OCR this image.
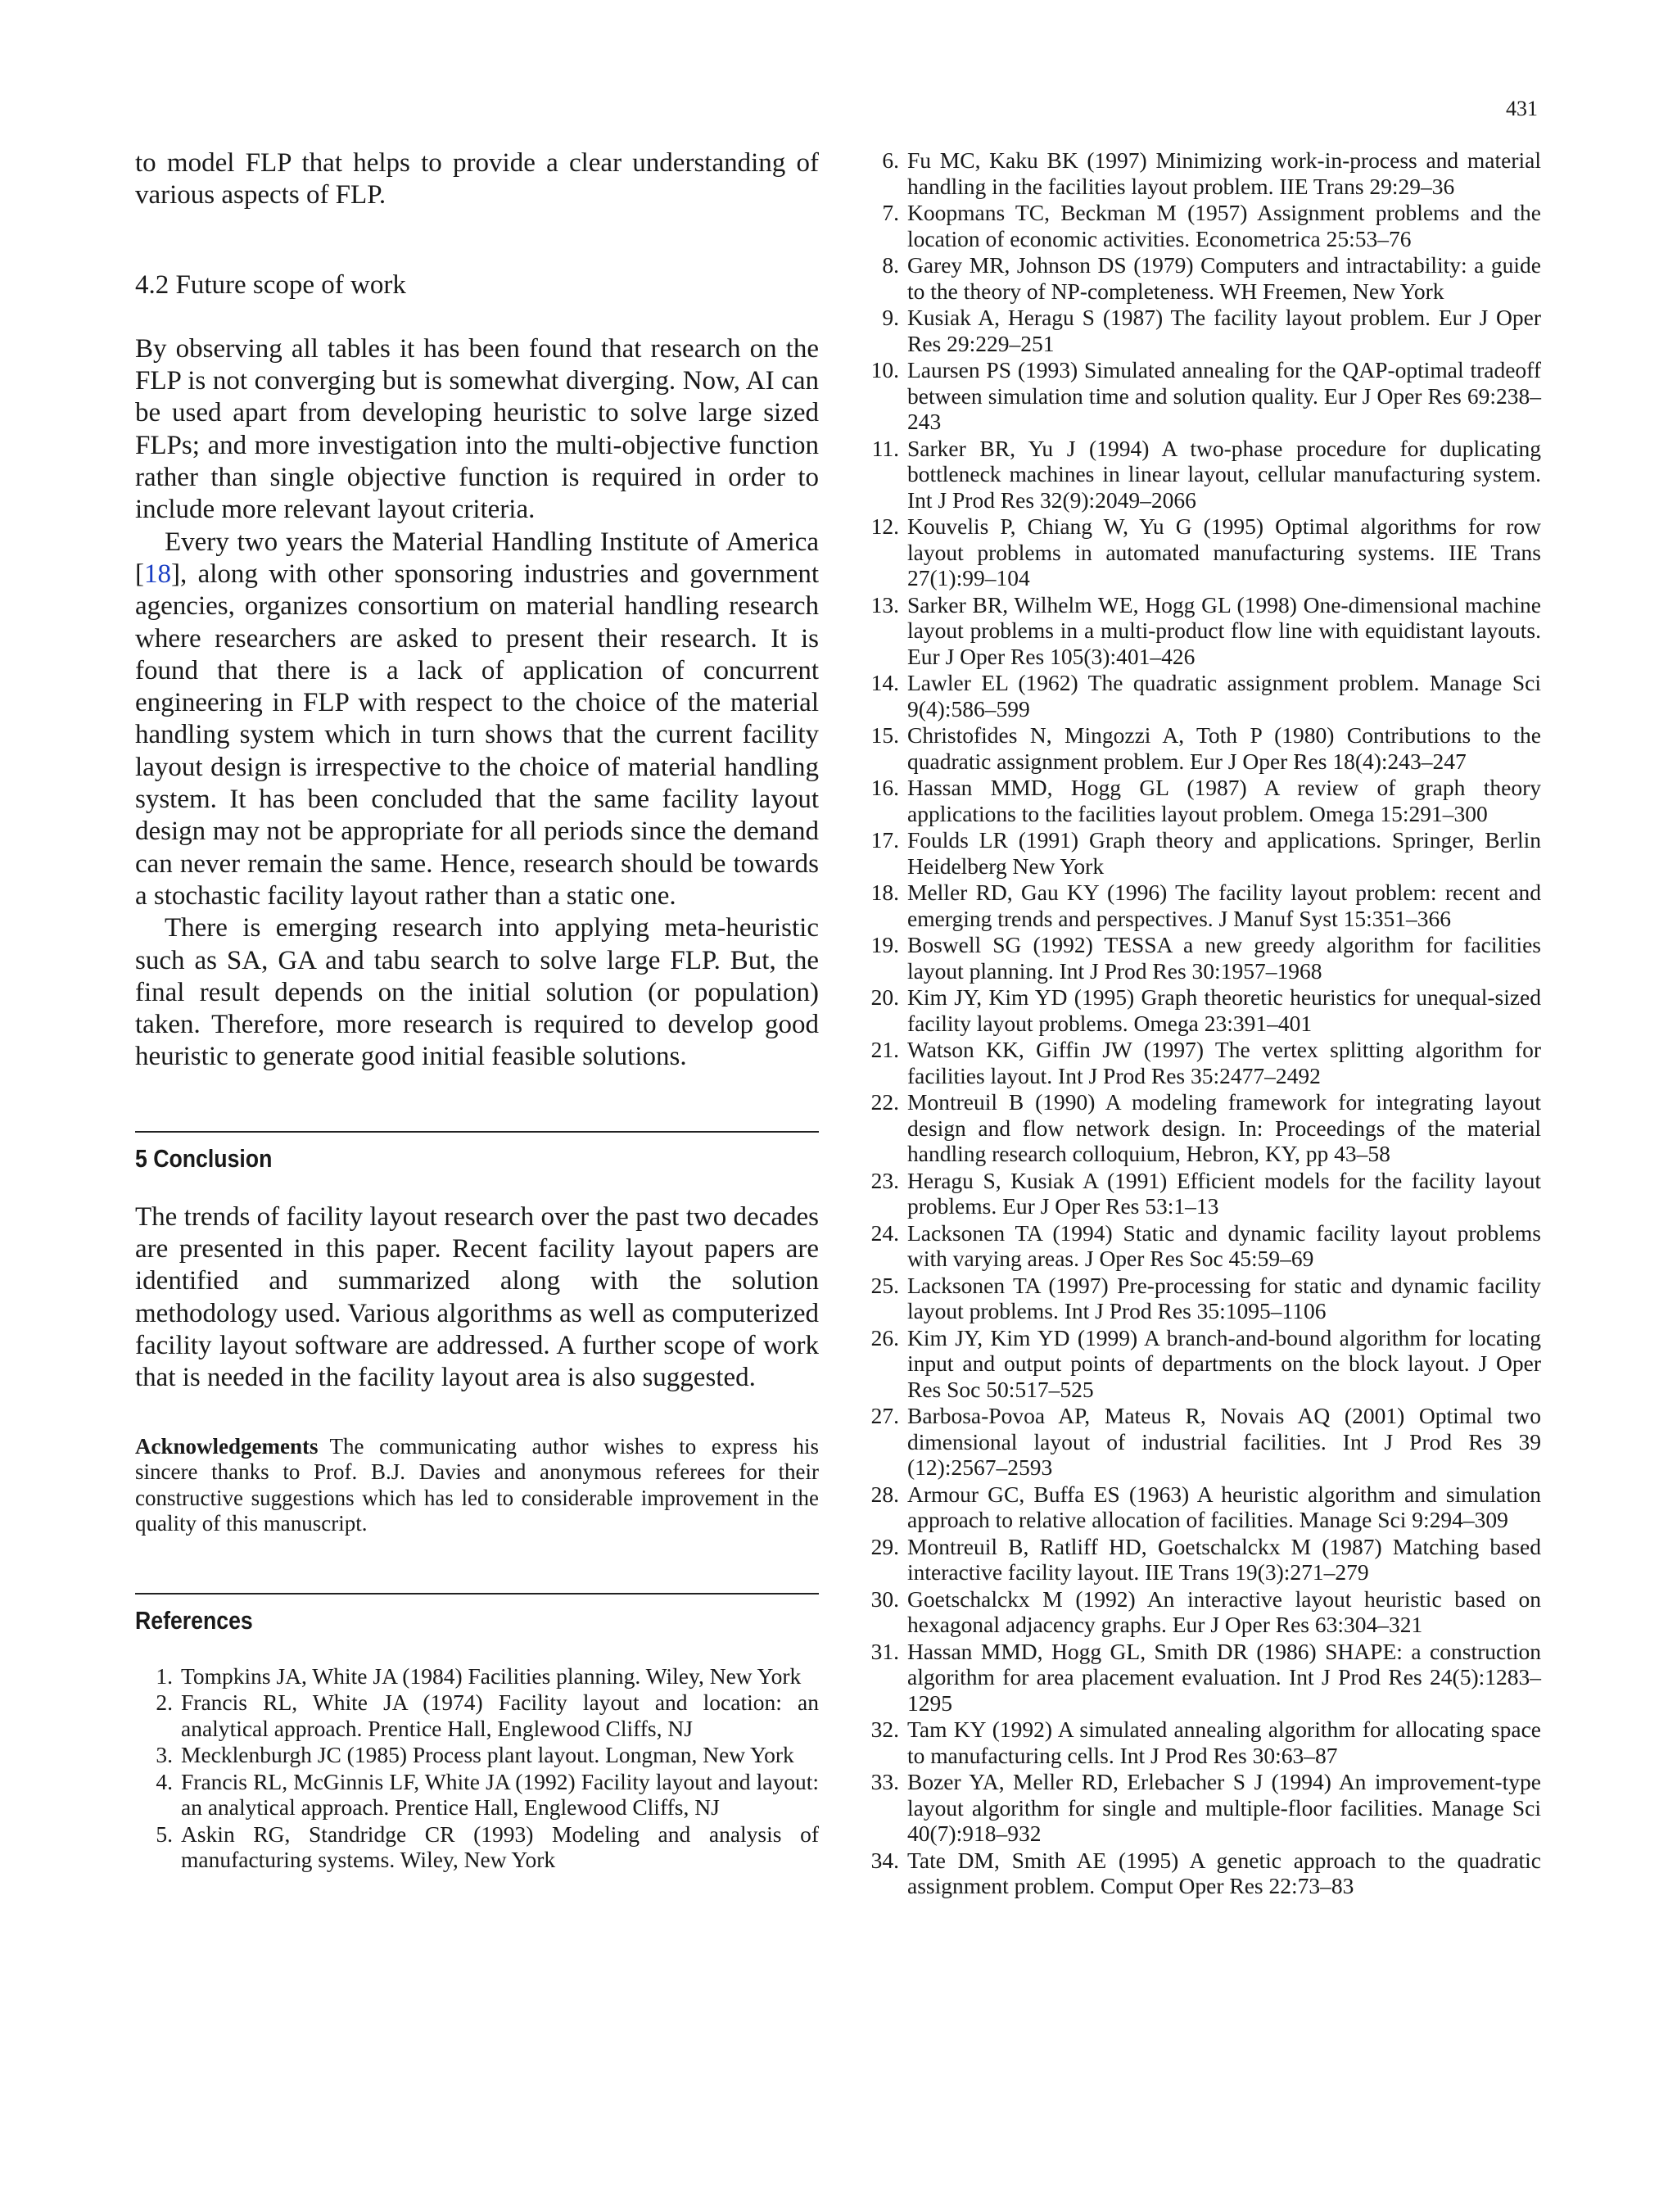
431

to model FLP that helps to provide a clear understanding of various aspects of FLP.

4.2 Future scope of work

By observing all tables it has been found that research on the FLP is not converging but is somewhat diverging. Now, AI can be used apart from developing heuristic to solve large sized FLPs; and more investigation into the multi-objective function rather than single objective function is required in order to include more relevant layout criteria.

Every two years the Material Handling Institute of America [18], along with other sponsoring industries and government agencies, organizes consortium on material handling research where researchers are asked to present their research. It is found that there is a lack of application of concurrent engineering in FLP with respect to the choice of the material handling system which in turn shows that the current facility layout design is irrespective to the choice of material handling system. It has been concluded that the same facility layout design may not be appropriate for all periods since the demand can never remain the same. Hence, research should be towards a stochastic facility layout rather than a static one.

There is emerging research into applying meta-heuristic such as SA, GA and tabu search to solve large FLP. But, the final result depends on the initial solution (or population) taken. Therefore, more research is required to develop good heuristic to generate good initial feasible solutions.

5 Conclusion

The trends of facility layout research over the past two decades are presented in this paper. Recent facility layout papers are identified and summarized along with the solution methodology used. Various algorithms as well as computerized facility layout software are addressed. A further scope of work that is needed in the facility layout area is also suggested.

Acknowledgements The communicating author wishes to express his sincere thanks to Prof. B.J. Davies and anonymous referees for their constructive suggestions which has led to considerable improvement in the quality of this manuscript.

References
1. Tompkins JA, White JA (1984) Facilities planning. Wiley, New York
2. Francis RL, White JA (1974) Facility layout and location: an analytical approach. Prentice Hall, Englewood Cliffs, NJ
3. Mecklenburgh JC (1985) Process plant layout. Longman, New York
4. Francis RL, McGinnis LF, White JA (1992) Facility layout and layout: an analytical approach. Prentice Hall, Englewood Cliffs, NJ
5. Askin RG, Standridge CR (1993) Modeling and analysis of manufacturing systems. Wiley, New York
6. Fu MC, Kaku BK (1997) Minimizing work-in-process and material handling in the facilities layout problem. IIE Trans 29:29–36
7. Koopmans TC, Beckman M (1957) Assignment problems and the location of economic activities. Econometrica 25:53–76
8. Garey MR, Johnson DS (1979) Computers and intractability: a guide to the theory of NP-completeness. WH Freemen, New York
9. Kusiak A, Heragu S (1987) The facility layout problem. Eur J Oper Res 29:229–251
10. Laursen PS (1993) Simulated annealing for the QAP-optimal tradeoff between simulation time and solution quality. Eur J Oper Res 69:238–243
11. Sarker BR, Yu J (1994) A two-phase procedure for duplicating bottleneck machines in linear layout, cellular manufacturing system. Int J Prod Res 32(9):2049–2066
12. Kouvelis P, Chiang W, Yu G (1995) Optimal algorithms for row layout problems in automated manufacturing systems. IIE Trans 27(1):99–104
13. Sarker BR, Wilhelm WE, Hogg GL (1998) One-dimensional machine layout problems in a multi-product flow line with equidistant layouts. Eur J Oper Res 105(3):401–426
14. Lawler EL (1962) The quadratic assignment problem. Manage Sci 9(4):586–599
15. Christofides N, Mingozzi A, Toth P (1980) Contributions to the quadratic assignment problem. Eur J Oper Res 18(4):243–247
16. Hassan MMD, Hogg GL (1987) A review of graph theory applications to the facilities layout problem. Omega 15:291–300
17. Foulds LR (1991) Graph theory and applications. Springer, Berlin Heidelberg New York
18. Meller RD, Gau KY (1996) The facility layout problem: recent and emerging trends and perspectives. J Manuf Syst 15:351–366
19. Boswell SG (1992) TESSA a new greedy algorithm for facilities layout planning. Int J Prod Res 30:1957–1968
20. Kim JY, Kim YD (1995) Graph theoretic heuristics for unequal-sized facility layout problems. Omega 23:391–401
21. Watson KK, Giffin JW (1997) The vertex splitting algorithm for facilities layout. Int J Prod Res 35:2477–2492
22. Montreuil B (1990) A modeling framework for integrating layout design and flow network design. In: Proceedings of the material handling research colloquium, Hebron, KY, pp 43–58
23. Heragu S, Kusiak A (1991) Efficient models for the facility layout problems. Eur J Oper Res 53:1–13
24. Lacksonen TA (1994) Static and dynamic facility layout problems with varying areas. J Oper Res Soc 45:59–69
25. Lacksonen TA (1997) Pre-processing for static and dynamic facility layout problems. Int J Prod Res 35:1095–1106
26. Kim JY, Kim YD (1999) A branch-and-bound algorithm for locating input and output points of departments on the block layout. J Oper Res Soc 50:517–525
27. Barbosa-Povoa AP, Mateus R, Novais AQ (2001) Optimal two dimensional layout of industrial facilities. Int J Prod Res 39 (12):2567–2593
28. Armour GC, Buffa ES (1963) A heuristic algorithm and simulation approach to relative allocation of facilities. Manage Sci 9:294–309
29. Montreuil B, Ratliff HD, Goetschalckx M (1987) Matching based interactive facility layout. IIE Trans 19(3):271–279
30. Goetschalckx M (1992) An interactive layout heuristic based on hexagonal adjacency graphs. Eur J Oper Res 63:304–321
31. Hassan MMD, Hogg GL, Smith DR (1986) SHAPE: a construction algorithm for area placement evaluation. Int J Prod Res 24(5):1283–1295
32. Tam KY (1992) A simulated annealing algorithm for allocating space to manufacturing cells. Int J Prod Res 30:63–87
33. Bozer YA, Meller RD, Erlebacher S J (1994) An improvement-type layout algorithm for single and multiple-floor facilities. Manage Sci 40(7):918–932
34. Tate DM, Smith AE (1995) A genetic approach to the quadratic assignment problem. Comput Oper Res 22:73–83
